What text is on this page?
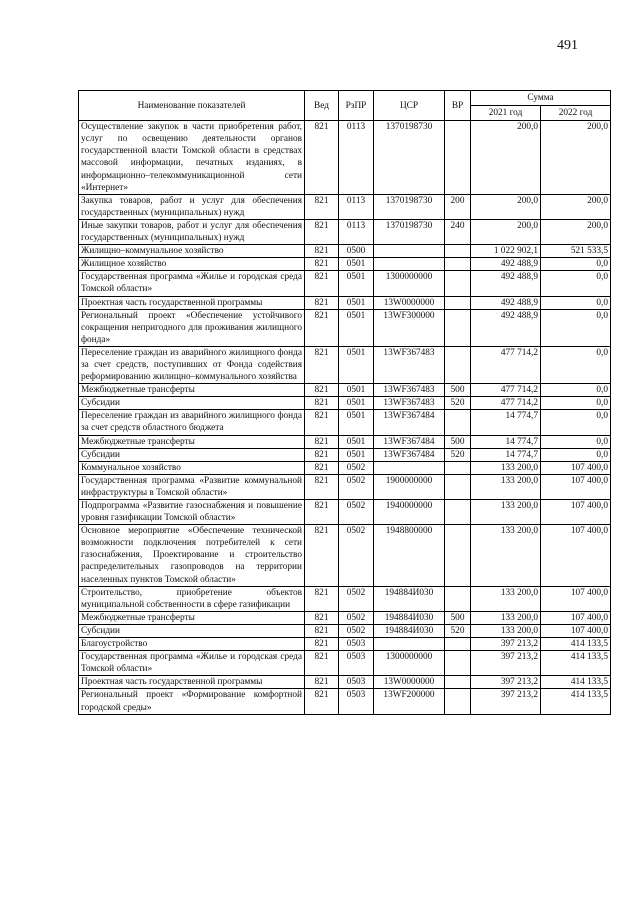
491
Наименование показателей	Вед	РзПР	ЦСР	ВР	Сумма	
					2021 год	2022 год
Осуществление закупок в части приобретения работ, услуг по освещению деятельности органов государственной власти Томской области в средствах массовой информации, печатных изданиях, в информационно–телекоммуникационной сети «Интернет»	821	0113	1370198730		200,0	200,0
Закупка товаров, работ и услуг для обеспечения государственных (муниципальных) нужд	821	0113	1370198730	200	200,0	200,0
Иные закупки товаров, работ и услуг для обеспечения государственных (муниципальных) нужд	821	0113	1370198730	240	200,0	200,0
Жилищно–коммунальное хозяйство	821	0500			1 022 902,1	521 533,5
Жилищное хозяйство	821	0501			492 488,9	0,0
Государственная программа «Жилье и городская среда Томской области»	821	0501	1300000000		492 488,9	0,0
Проектная часть государственной программы	821	0501	13W0000000		492 488,9	0,0
Региональный проект «Обеспечение устойчивого сокращения непригодного для проживания жилищного фонда»	821	0501	13WF300000		492 488,9	0,0
Переселение граждан из аварийного жилищного фонда за счет средств, поступивших от Фонда содействия реформированию жилищно–коммунального хозяйства	821	0501	13WF367483		477 714,2	0,0
Межбюджетные трансферты	821	0501	13WF367483	500	477 714,2	0,0
Субсидии	821	0501	13WF367483	520	477 714,2	0,0
Переселение граждан из аварийного жилищного фонда за счет средств областного бюджета	821	0501	13WF367484		14 774,7	0,0
Межбюджетные трансферты	821	0501	13WF367484	500	14 774,7	0,0
Субсидии	821	0501	13WF367484	520	14 774,7	0,0
Коммунальное хозяйство	821	0502			133 200,0	107 400,0
Государственная программа «Развитие коммунальной инфраструктуры в Томской области»	821	0502	1900000000		133 200,0	107 400,0
Подпрограмма «Развитие газоснабжения и повышение уровня газификации Томской области»	821	0502	1940000000		133 200,0	107 400,0
Основное мероприятие «Обеспечение технической возможности подключения потребителей к сети газоснабжения, Проектирование и строительство распределительных газопроводов на территории населенных пунктов Томской области»	821	0502	1948800000		133 200,0	107 400,0
Строительство, приобретение объектов муниципальной собственности в сфере газификации	821	0502	194884И030		133 200,0	107 400,0
Межбюджетные трансферты	821	0502	194884И030	500	133 200,0	107 400,0
Субсидии	821	0502	194884И030	520	133 200,0	107 400,0
Благоустройство	821	0503			397 213,2	414 133,5
Государственная программа «Жилье и городская среда Томской области»	821	0503	1300000000		397 213,2	414 133,5
Проектная часть государственной программы	821	0503	13W0000000		397 213,2	414 133,5
Региональный проект «Формирование комфортной городской среды»	821	0503	13WF200000		397 213,2	414 133,5
